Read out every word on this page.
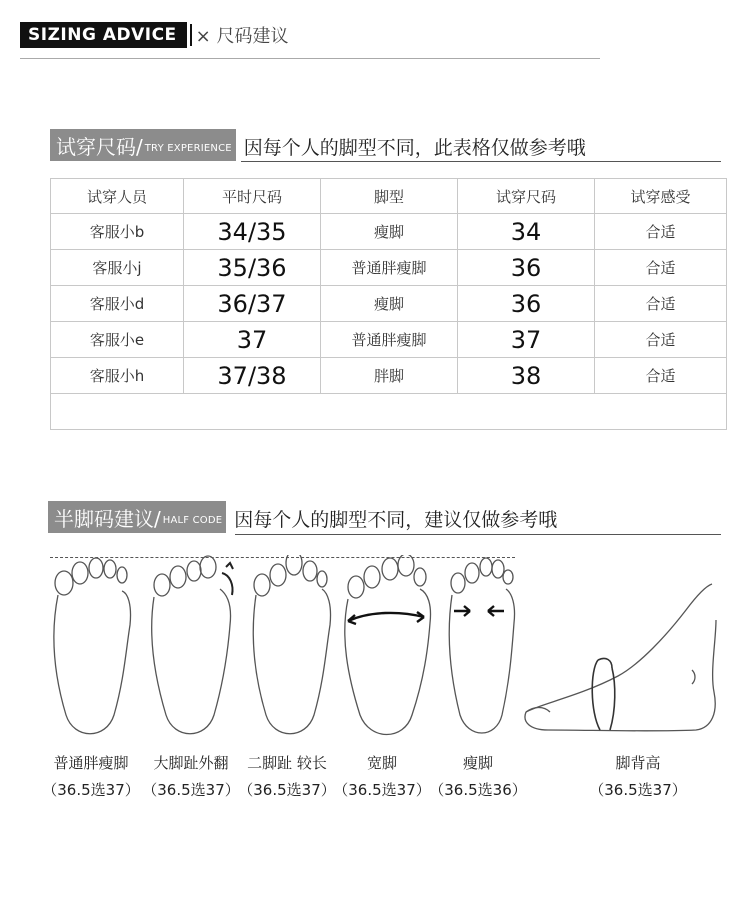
SIZING ADVICE	× 尺码建议
试穿尺码/ TRY EXPERIENCE 因每个人的脚型不同，此表格仅做参考哦
试穿人员	平时尺码	脚型	试穿尺码	试穿感受
客服小b	34/35	瘦脚	34	合适
客服小j	35/36	普通胖瘦脚	36	合适
客服小d	36/37	瘦脚	36	合适
客服小e	37	普通胖瘦脚	37	合适
客服小h	37/38	胖脚	38	合适

半脚码建议/ HALF CODE 因每个人的脚型不同，建议仅做参考哦
普通胖瘦脚	大脚趾外翻	二脚趾 较长	宽脚	瘦脚	脚背高
（36.5选37） （36.5选37）
（36.5选37）
（36.5选37）
（36.5选36）	（36.5选37）
